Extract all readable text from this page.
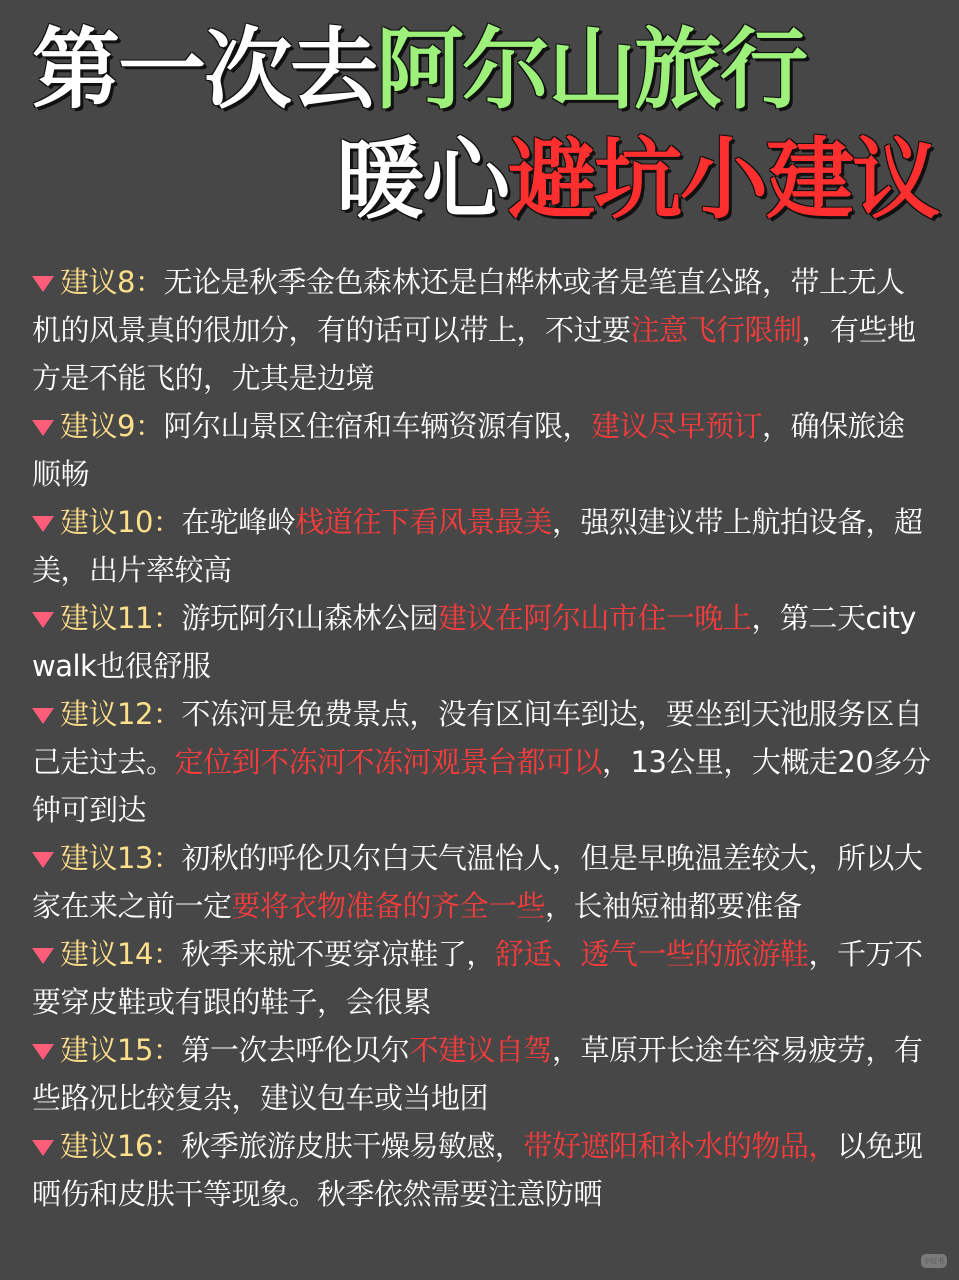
第一次去阿尔山旅行
暖心避坑小建议

建议8：无论是秋季金色森林还是白桦林或者是笔直公路，带上无人机的风景真的很加分，有的话可以带上，不过要注意飞行限制，有些地方是不能飞的，尤其是边境

建议9：阿尔山景区住宿和车辆资源有限，建议尽早预订，确保旅途顺畅

建议10：在驼峰岭栈道往下看风景最美，强烈建议带上航拍设备，超美，出片率较高

建议11：游玩阿尔山森林公园建议在阿尔山市住一晚上，第二天city walk也很舒服

建议12：不冻河是免费景点，没有区间车到达，要坐到天池服务区自己走过去。定位到不冻河不冻河观景台都可以，13公里，大概走20多分钟可到达

建议13：初秋的呼伦贝尔白天气温怡人，但是早晚温差较大，所以大家在来之前一定要将衣物准备的齐全一些，长袖短袖都要准备

建议14：秋季来就不要穿凉鞋了，舒适、透气一些的旅游鞋，千万不要穿皮鞋或有跟的鞋子，会很累

建议15：第一次去呼伦贝尔不建议自驾，草原开长途车容易疲劳，有些路况比较复杂，建议包车或当地团

建议16：秋季旅游皮肤干燥易敏感，带好遮阳和补水的物品，以免现晒伤和皮肤干等现象。秋季依然需要注意防晒

小红书
